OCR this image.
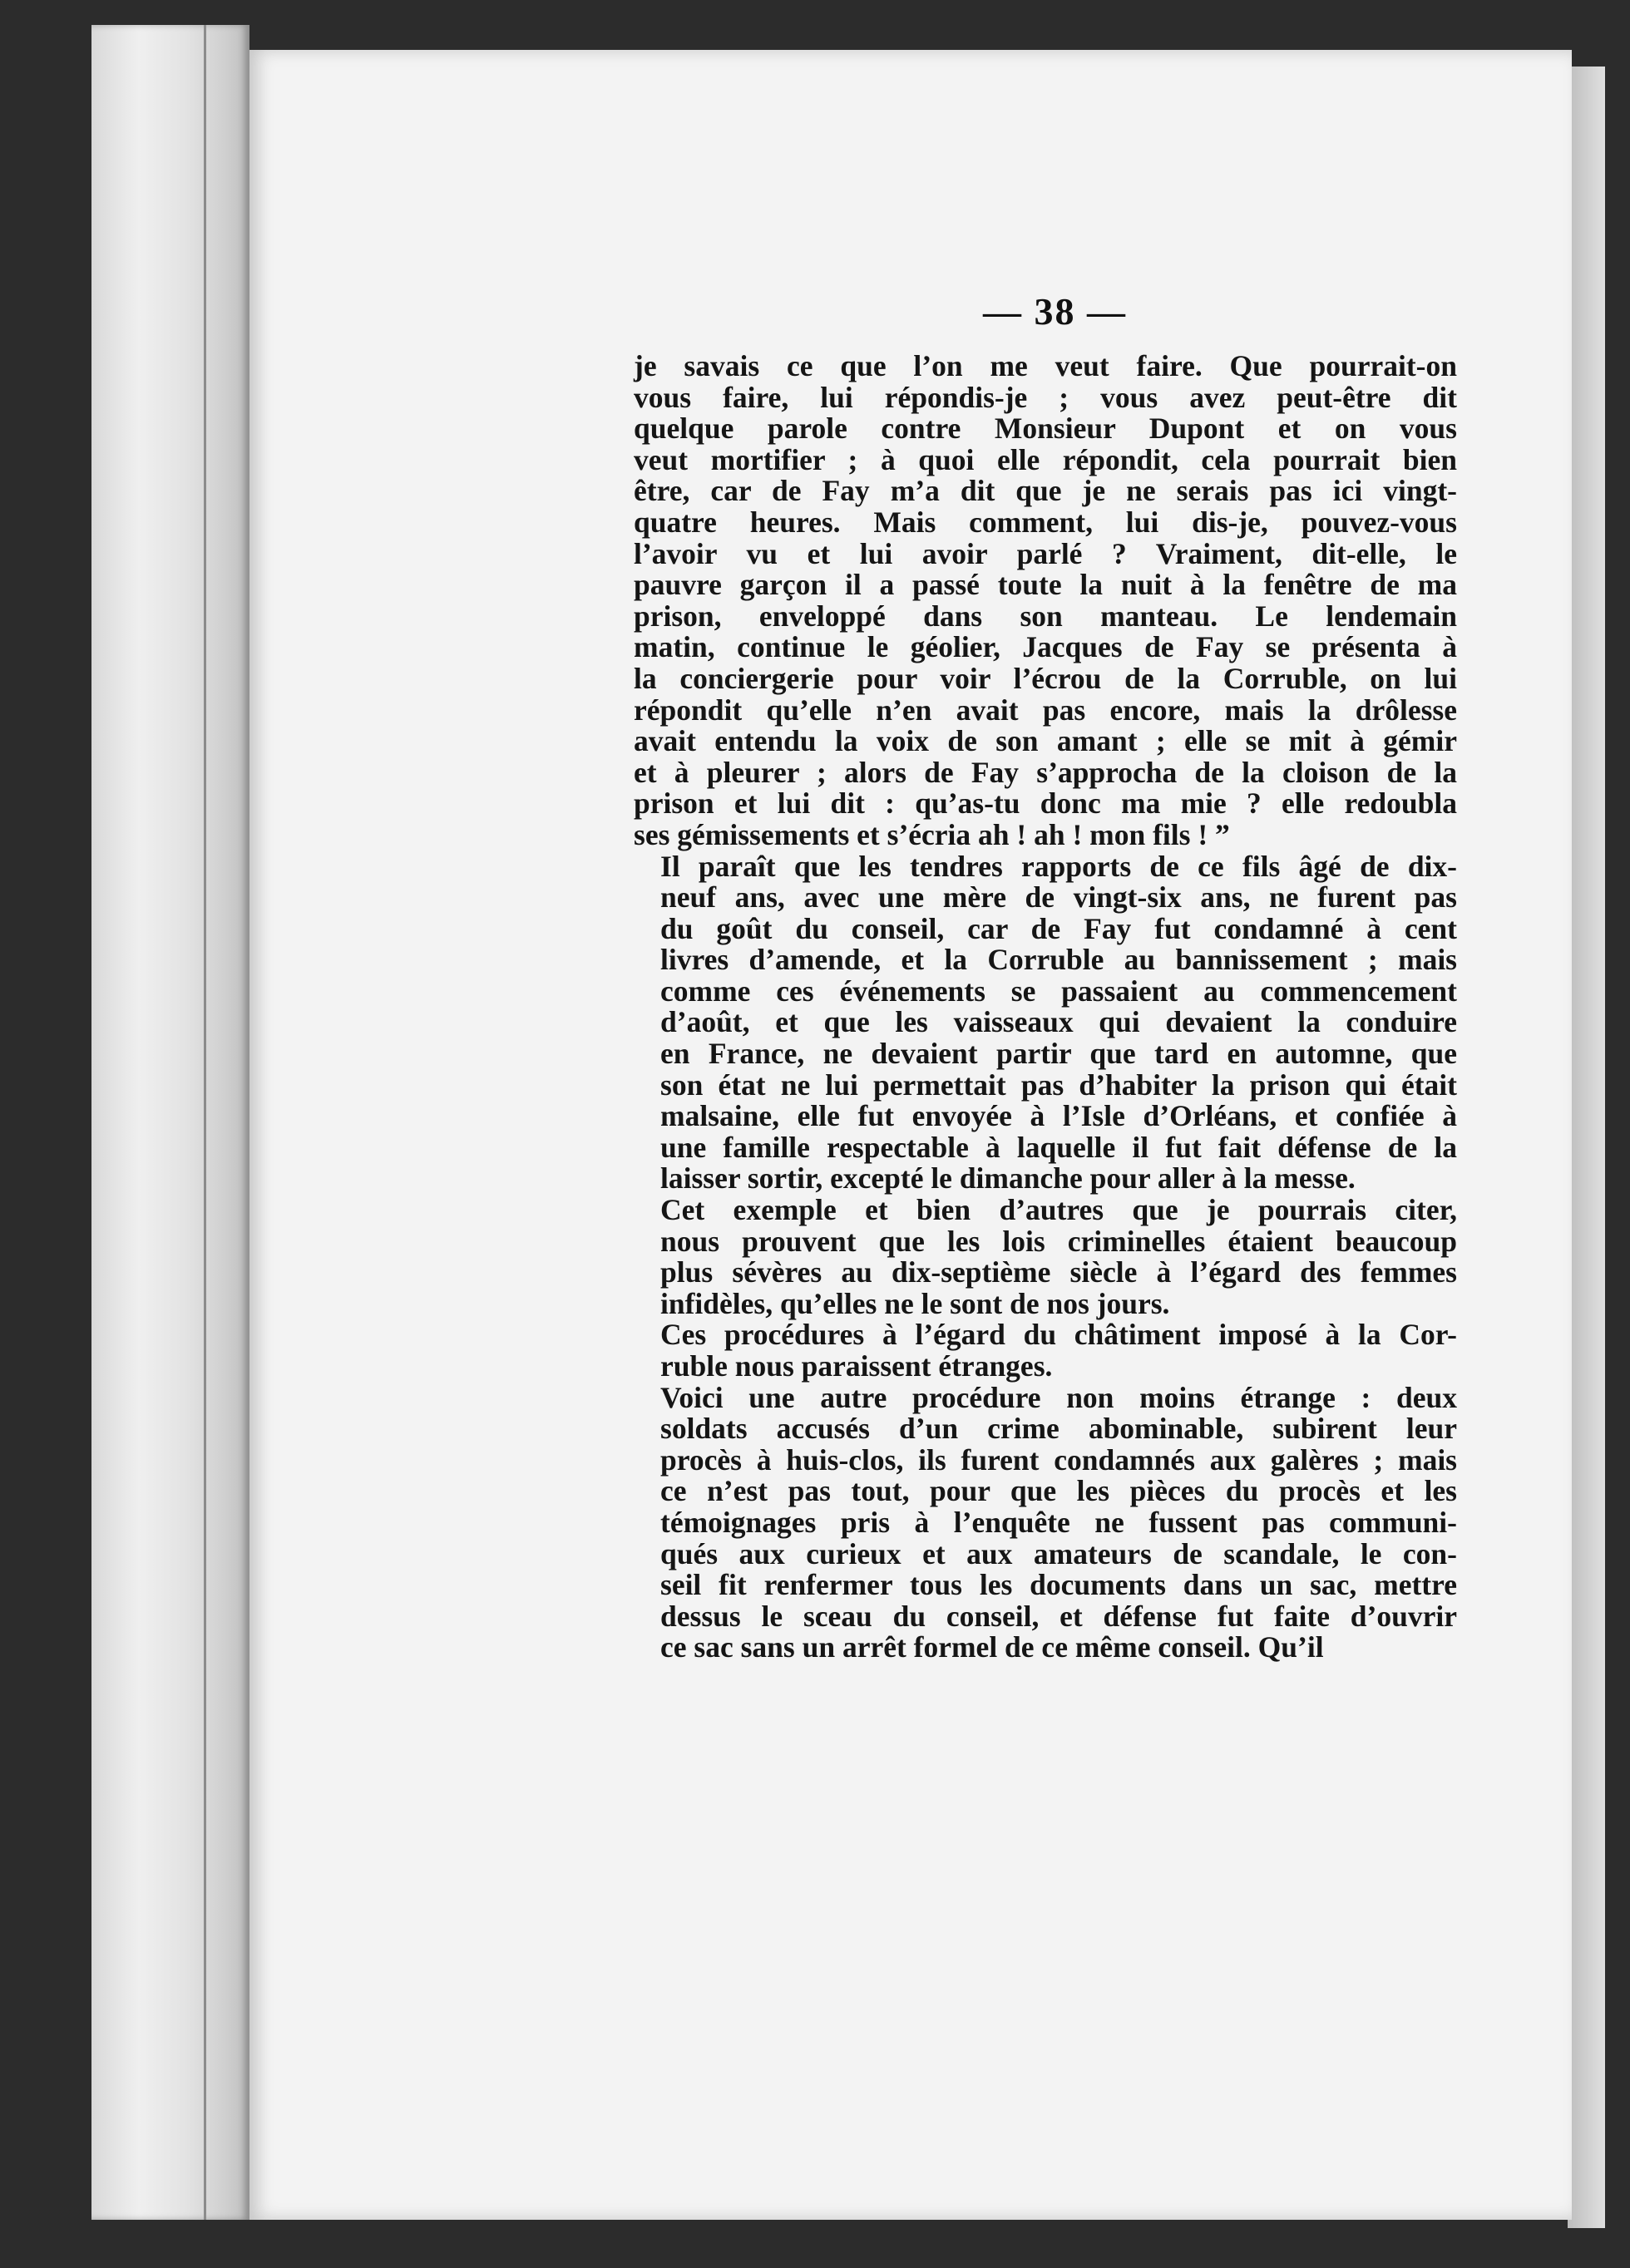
— 38 —

je savais ce que l’on me veut faire. Que pourrait-on
vous faire, lui répondis-je ; vous avez peut-être dit
quelque parole contre Monsieur Dupont et on vous
veut mortifier ; à quoi elle répondit, cela pourrait bien
être, car de Fay m’a dit que je ne serais pas ici vingt-
quatre heures. Mais comment, lui dis-je, pouvez-vous
l’avoir vu et lui avoir parlé ? Vraiment, dit-elle, le
pauvre garçon il a passé toute la nuit à la fenêtre de ma
prison, enveloppé dans son manteau. Le lendemain
matin, continue le géolier, Jacques de Fay se présenta à
la conciergerie pour voir l’écrou de la Corruble, on lui
répondit qu’elle n’en avait pas encore, mais la drôlesse
avait entendu la voix de son amant ; elle se mit à gémir
et à pleurer ; alors de Fay s’approcha de la cloison de la
prison et lui dit : qu’as-tu donc ma mie ? elle redoubla
ses gémissements et s’écria ah ! ah ! mon fils ! ”

Il paraît que les tendres rapports de ce fils âgé de dix-
neuf ans, avec une mère de vingt-six ans, ne furent pas
du goût du conseil, car de Fay fut condamné à cent
livres d’amende, et la Corruble au bannissement ; mais
comme ces événements se passaient au commencement
d’août, et que les vaisseaux qui devaient la conduire
en France, ne devaient partir que tard en automne, que
son état ne lui permettait pas d’habiter la prison qui était
malsaine, elle fut envoyée à l’Isle d’Orléans, et confiée à
une famille respectable à laquelle il fut fait défense de la
laisser sortir, excepté le dimanche pour aller à la messe.

Cet exemple et bien d’autres que je pourrais citer,
nous prouvent que les lois criminelles étaient beaucoup
plus sévères au dix-septième siècle à l’égard des femmes
infidèles, qu’elles ne le sont de nos jours.

Ces procédures à l’égard du châtiment imposé à la Cor-
ruble nous paraissent étranges.

Voici une autre procédure non moins étrange : deux
soldats accusés d’un crime abominable, subirent leur
procès à huis-clos, ils furent condamnés aux galères ; mais
ce n’est pas tout, pour que les pièces du procès et les
témoignages pris à l’enquête ne fussent pas communi-
qués aux curieux et aux amateurs de scandale, le con-
seil fit renfermer tous les documents dans un sac, mettre
dessus le sceau du conseil, et défense fut faite d’ouvrir
ce sac sans un arrêt formel de ce même conseil. Qu’il
